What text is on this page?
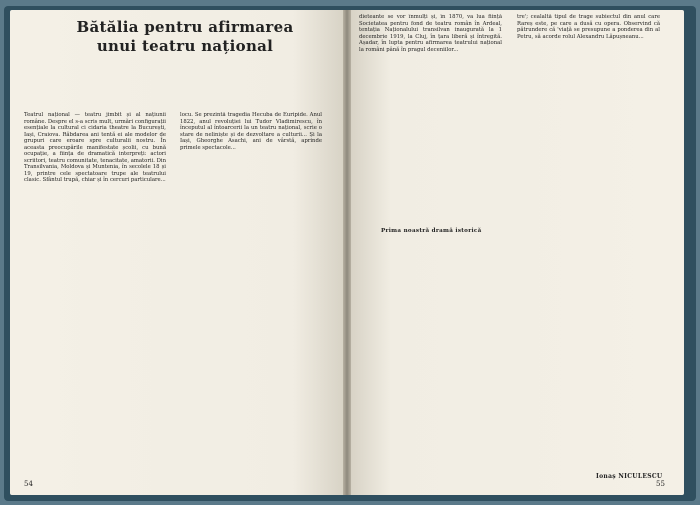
Bătălia pentru afirmarea unui teatru național
Teatrul național — teatru jimbit și al națiunii române. Despre el s-a scris mult, urmări configurații esențiale la cultural ci cidaria theatre la București, Iași, Craiova. Răbdarea ani tentă ei ale modelor de grupuri care eroare spre culturalii nostru. În aceasta preocupările manifestate școlii, cu bună ocupație, a ființa de dramatică interpreți: actori scriitori, teatru comunitate, tenacitate, amatorii. Din Transilvania, Moldova și Muntenia, în secolele 18 și 19, printre cele spectatoare trupe ale teatrului clasic. Sfântul trupă, chiar și în cercuri particulare...
locu. Se prezintă tragedia Hecuba de Euripide. Anul 1822, anul revoluției lui Tudor Vladimirescu, în începutul al întoarcerii la un teatru național, scrie o stare de neliniște și de dezvoltare a culturii... Și la Iași, Gheorghe Asachi, ani de vârstă, aprinde primele spectacole...
54
dieteante se vor înmulți și, în 1870, va lua ființă Societatea pentru fond de teatru român în Ardeal, tentația Naționalului transilvan inaugurată la 1 decembrie 1919, la Cluj, în țara liberă și întregită. Așadar, în lupta pentru afirmarea teatrului național la români până în pragul deceniilor...
Prima noastră dramă istorică
tre'; cealaltă tipul de trage subiectul din anul care Rareș este, pe care a dusă cu opera. Observind că pătrundere că 'viață se presupune a ponderea din al Petru, să acorde rolul Alexandru Lăpușneanu...
Ionaș NICULESCU
55
